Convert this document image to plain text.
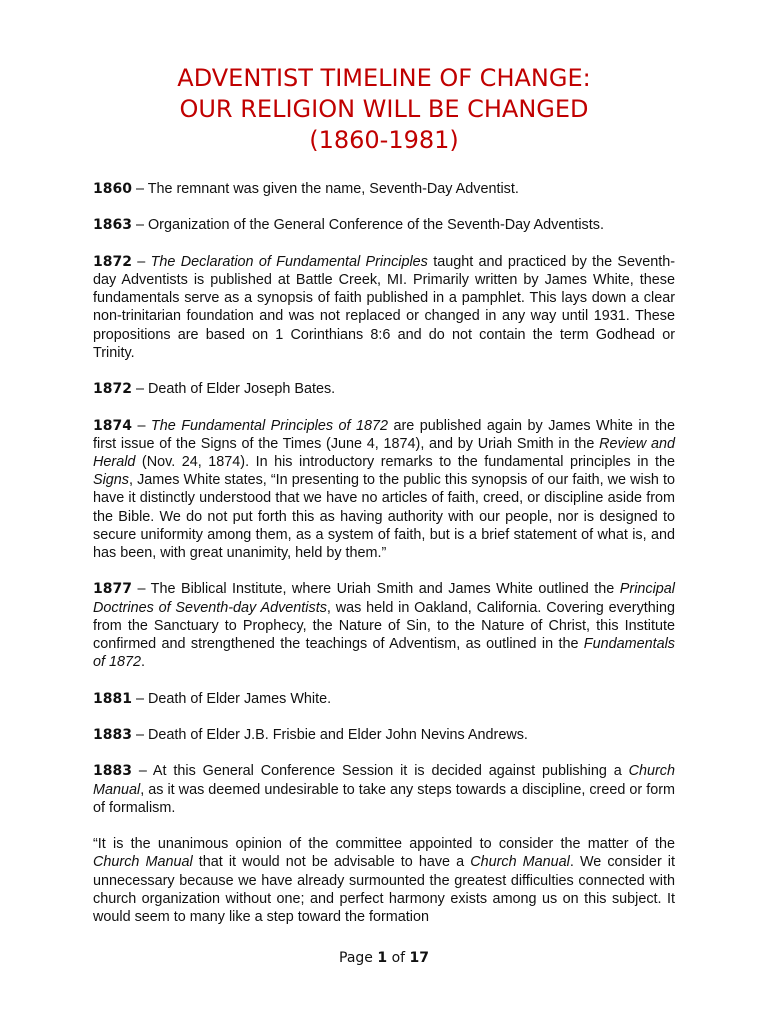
ADVENTIST TIMELINE OF CHANGE:
OUR RELIGION WILL BE CHANGED
(1860-1981)

1860 – The remnant was given the name, Seventh-Day Adventist.

1863 – Organization of the General Conference of the Seventh-Day Adventists.

1872 – The Declaration of Fundamental Principles taught and practiced by the Seventh-day Adventists is published at Battle Creek, MI. Primarily written by James White, these fundamentals serve as a synopsis of faith published in a pamphlet. This lays down a clear non-trinitarian foundation and was not replaced or changed in any way until 1931. These propositions are based on 1 Corinthians 8:6 and do not contain the term Godhead or Trinity.

1872 – Death of Elder Joseph Bates.

1874 – The Fundamental Principles of 1872 are published again by James White in the first issue of the Signs of the Times (June 4, 1874), and by Uriah Smith in the Review and Herald (Nov. 24, 1874). In his introductory remarks to the fundamental principles in the Signs, James White states, “In presenting to the public this synopsis of our faith, we wish to have it distinctly understood that we have no articles of faith, creed, or discipline aside from the Bible. We do not put forth this as having authority with our people, nor is designed to secure uniformity among them, as a system of faith, but is a brief statement of what is, and has been, with great unanimity, held by them.”

1877 – The Biblical Institute, where Uriah Smith and James White outlined the Principal Doctrines of Seventh-day Adventists, was held in Oakland, California. Covering everything from the Sanctuary to Prophecy, the Nature of Sin, to the Nature of Christ, this Institute confirmed and strengthened the teachings of Adventism, as outlined in the Fundamentals of 1872.

1881 – Death of Elder James White.

1883 – Death of Elder J.B. Frisbie and Elder John Nevins Andrews.

1883 – At this General Conference Session it is decided against publishing a Church Manual, as it was deemed undesirable to take any steps towards a discipline, creed or form of formalism.

“It is the unanimous opinion of the committee appointed to consider the matter of the Church Manual that it would not be advisable to have a Church Manual. We consider it unnecessary because we have already surmounted the greatest difficulties connected with church organization without one; and perfect harmony exists among us on this subject. It would seem to many like a step toward the formation

Page 1 of 17
